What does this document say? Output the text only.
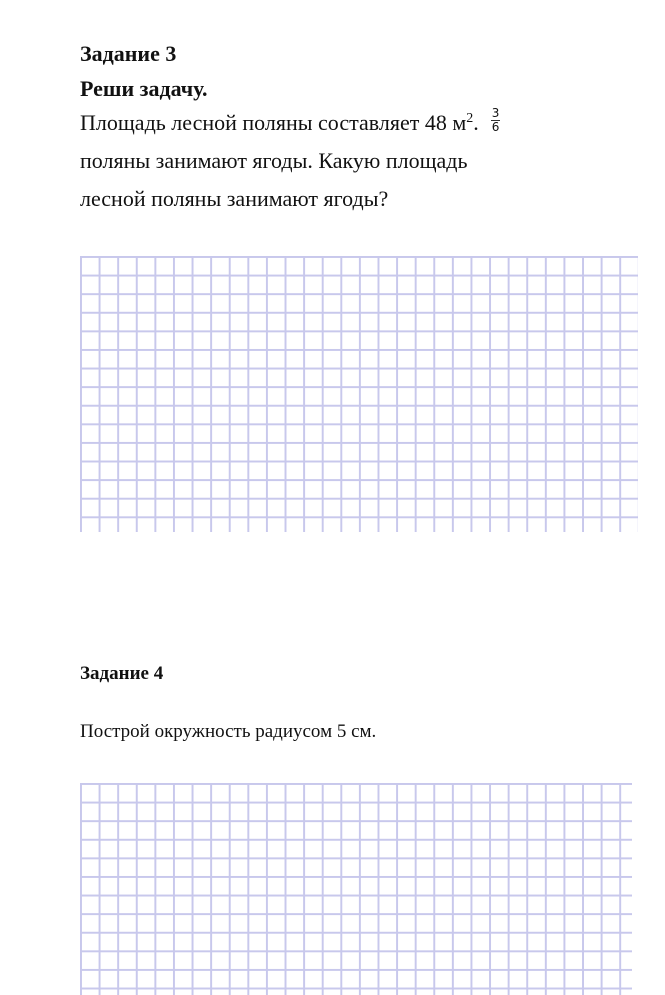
Задание 3
Реши задачу.

Площадь лесной поляны составляет 48 $м^2$. $\frac{3}{6}$
поляны занимают ягоды. Какую площадь
лесной поляны занимают ягоды?

Задание 4

Построй окружность радиусом 5 см.
